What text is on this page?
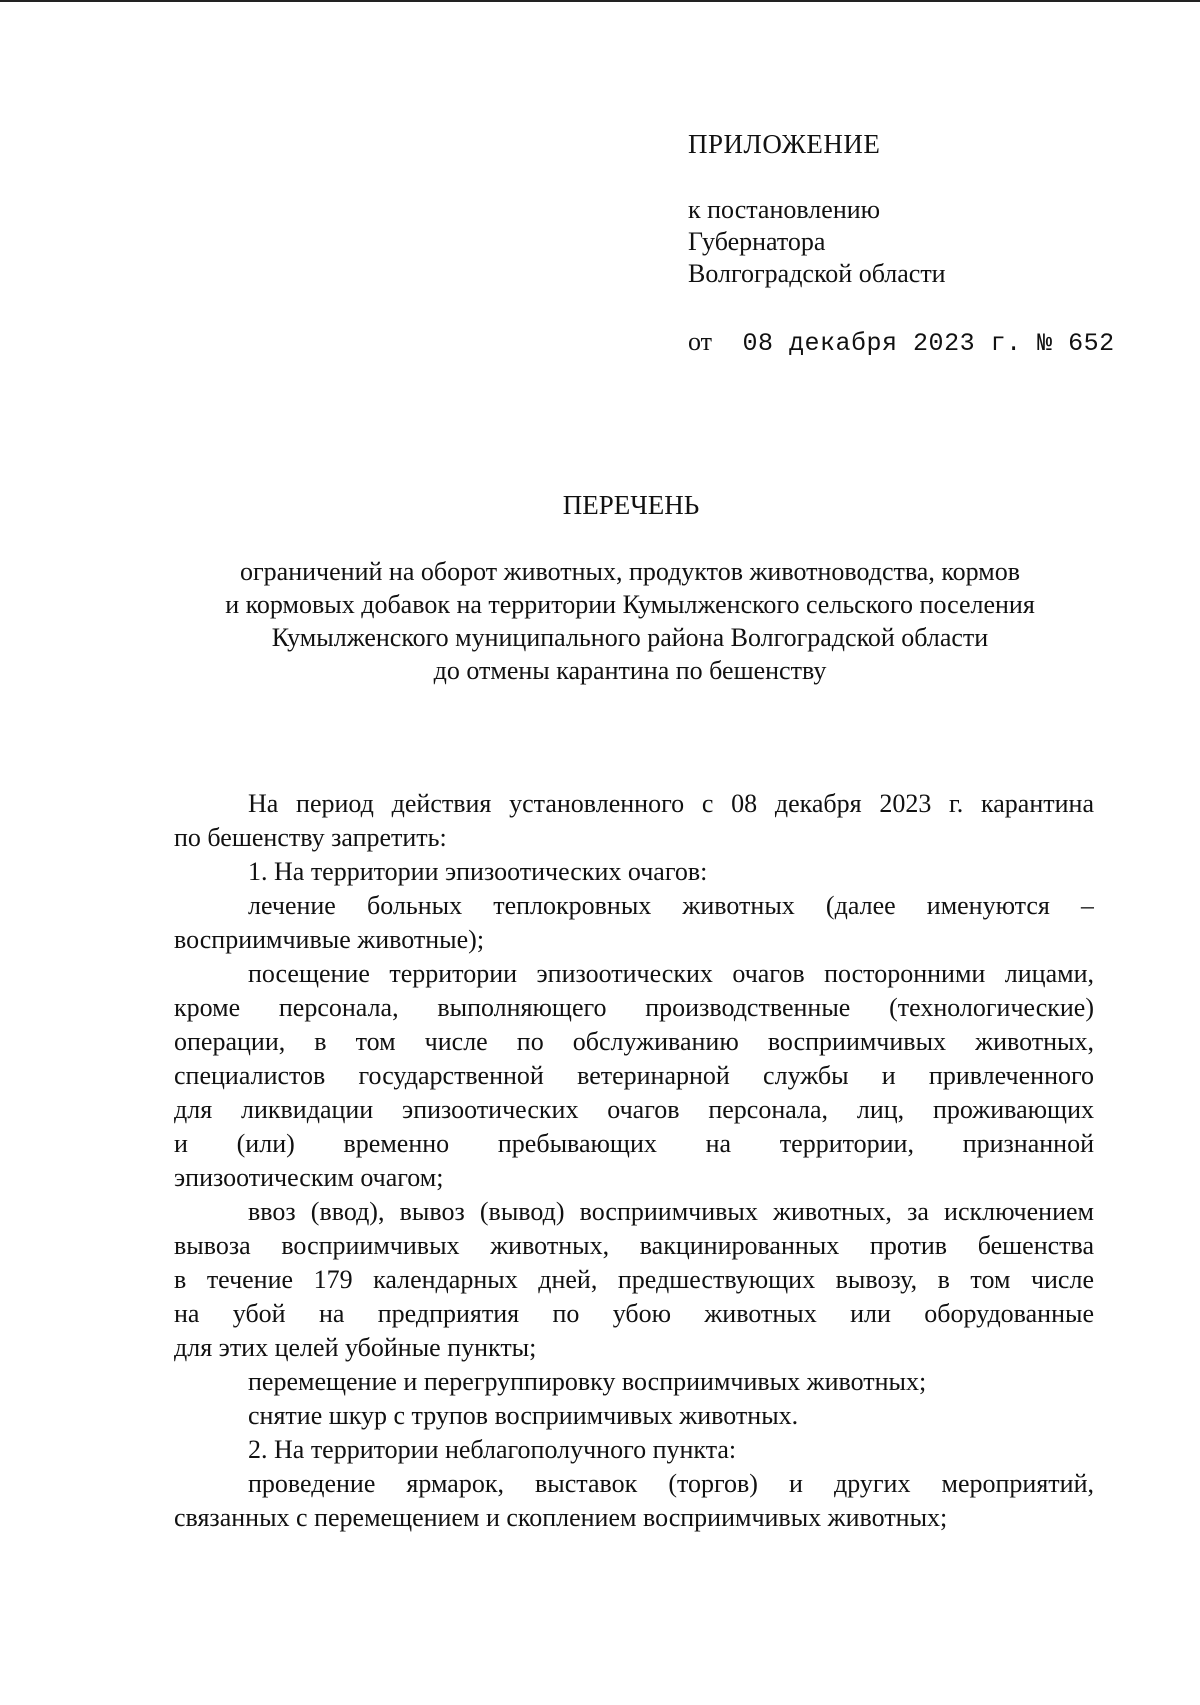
ПРИЛОЖЕНИЕ
к постановлению
Губернатора
Волгоградской области
от 08 декабря 2023 г. № 652
ПЕРЕЧЕНЬ
ограничений на оборот животных, продуктов животноводства, кормов
и кормовых добавок на территории Кумылженского сельского поселения
Кумылженского муниципального района Волгоградской области
до отмены карантина по бешенству
На период действия установленного с 08 декабря 2023 г. карантина
по бешенству запретить:
1. На территории эпизоотических очагов:
лечение больных теплокровных животных (далее именуются –
восприимчивые животные);
посещение территории эпизоотических очагов посторонними лицами,
кроме персонала, выполняющего производственные (технологические)
операции, в том числе по обслуживанию восприимчивых животных,
специалистов государственной ветеринарной службы и привлеченного
для ликвидации эпизоотических очагов персонала, лиц, проживающих
и (или) временно пребывающих на территории, признанной
эпизоотическим очагом;
ввоз (ввод), вывоз (вывод) восприимчивых животных, за исключением
вывоза восприимчивых животных, вакцинированных против бешенства
в течение 179 календарных дней, предшествующих вывозу, в том числе
на убой на предприятия по убою животных или оборудованные
для этих целей убойные пункты;
перемещение и перегруппировку восприимчивых животных;
снятие шкур с трупов восприимчивых животных.
2. На территории неблагополучного пункта:
проведение ярмарок, выставок (торгов) и других мероприятий,
связанных с перемещением и скоплением восприимчивых животных;
